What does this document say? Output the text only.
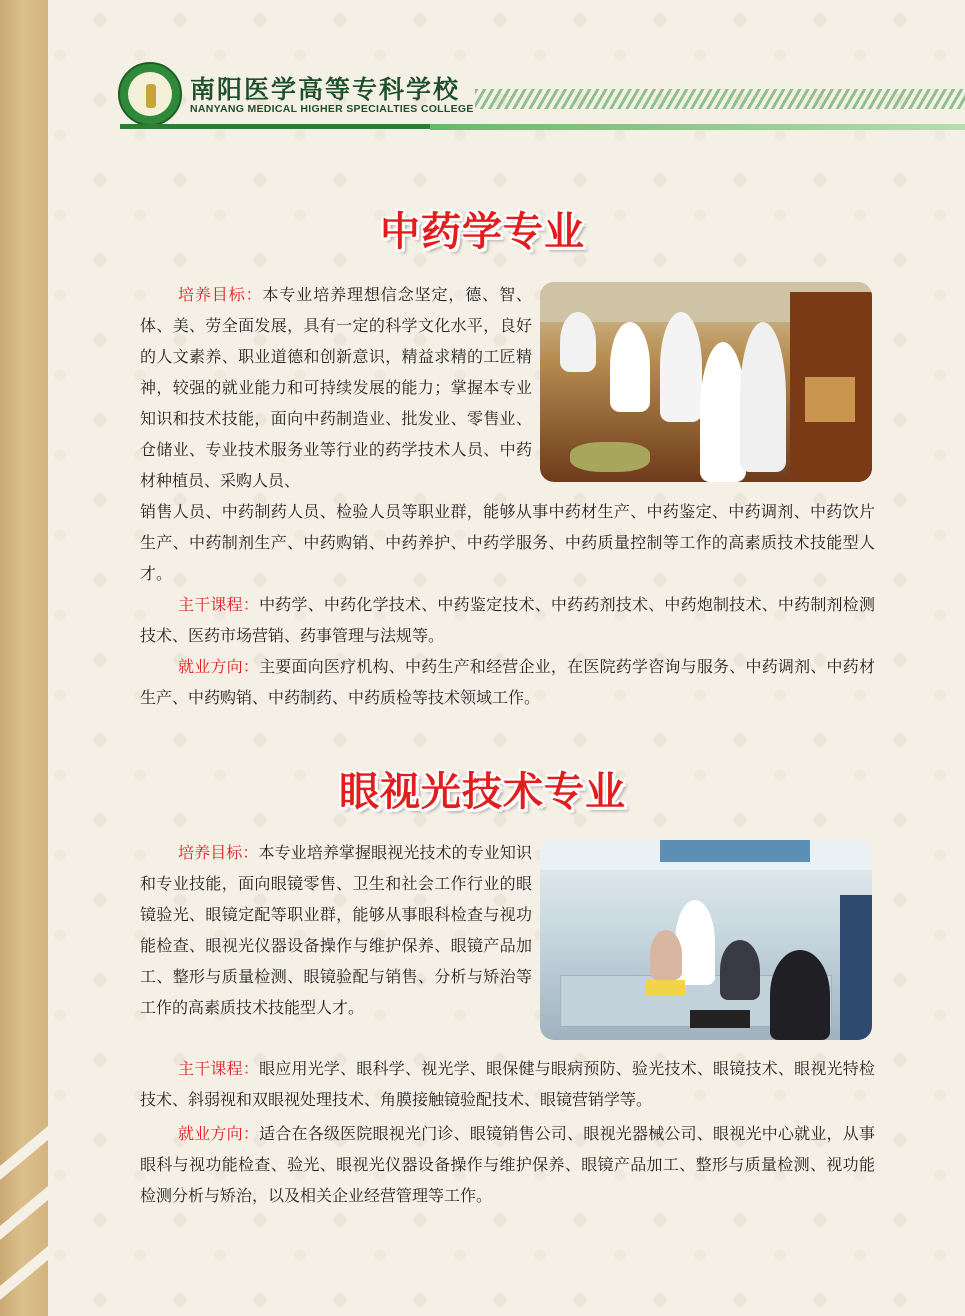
南阳医学高等专科学校
NANYANG MEDICAL HIGHER SPECIALTIES COLLEGE
中药学专业
培养目标：本专业培养理想信念坚定，德、智、体、美、劳全面发展，具有一定的科学文化水平，良好的人文素养、职业道德和创新意识，精益求精的工匠精神，较强的就业能力和可持续发展的能力；掌握本专业知识和技术技能，面向中药制造业、批发业、零售业、仓储业、专业技术服务业等行业的药学技术人员、中药材种植员、采购人员、
销售人员、中药制药人员、检验人员等职业群，能够从事中药材生产、中药鉴定、中药调剂、中药饮片生产、中药制剂生产、中药购销、中药养护、中药学服务、中药质量控制等工作的高素质技术技能型人才。
主干课程：中药学、中药化学技术、中药鉴定技术、中药药剂技术、中药炮制技术、中药制剂检测技术、医药市场营销、药事管理与法规等。
就业方向：主要面向医疗机构、中药生产和经营企业，在医院药学咨询与服务、中药调剂、中药材生产、中药购销、中药制药、中药质检等技术领域工作。
眼视光技术专业
培养目标：本专业培养掌握眼视光技术的专业知识和专业技能，面向眼镜零售、卫生和社会工作行业的眼镜验光、眼镜定配等职业群，能够从事眼科检查与视功能检查、眼视光仪器设备操作与维护保养、眼镜产品加工、整形与质量检测、眼镜验配与销售、分析与矫治等工作的高素质技术技能型人才。
主干课程：眼应用光学、眼科学、视光学、眼保健与眼病预防、验光技术、眼镜技术、眼视光特检技术、斜弱视和双眼视处理技术、角膜接触镜验配技术、眼镜营销学等。
就业方向：适合在各级医院眼视光门诊、眼镜销售公司、眼视光器械公司、眼视光中心就业，从事眼科与视功能检查、验光、眼视光仪器设备操作与维护保养、眼镜产品加工、整形与质量检测、视功能检测分析与矫治，以及相关企业经营管理等工作。
